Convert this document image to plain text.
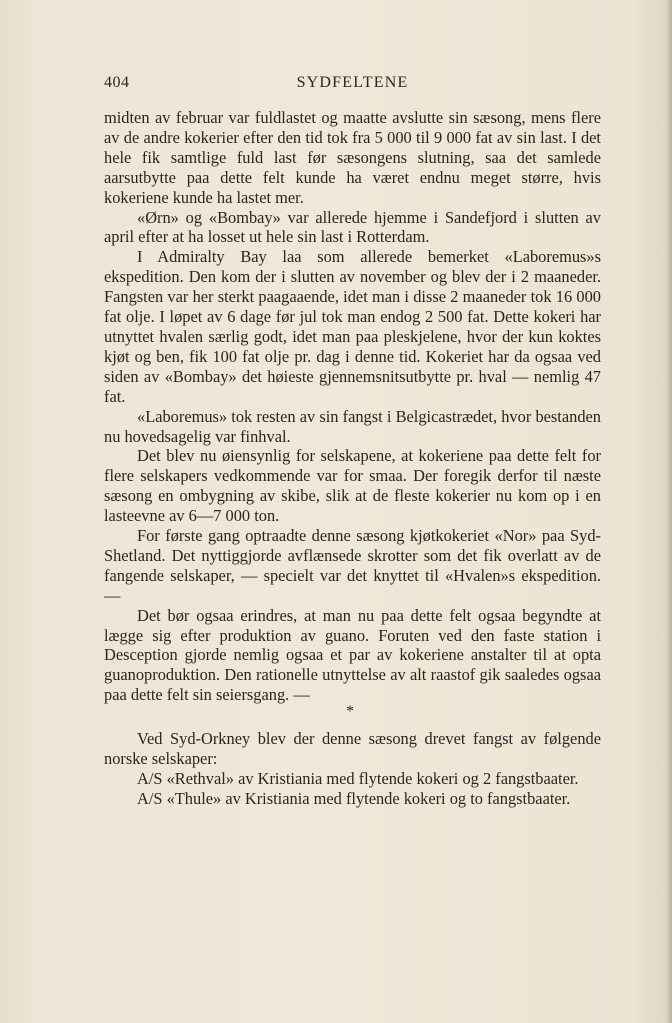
404	SYDFELTENE

midten av februar var fuldlastet og maatte avslutte sin sæsong, mens flere av de andre kokerier efter den tid tok fra 5 000 til 9 000 fat av sin last. I det hele fik samtlige fuld last før sæsongens slutning, saa det samlede aarsutbytte paa dette felt kunde ha været endnu meget større, hvis kokeriene kunde ha lastet mer.

«Ørn» og «Bombay» var allerede hjemme i Sandefjord i slutten av april efter at ha losset ut hele sin last i Rotterdam.

I Admiralty Bay laa som allerede bemerket «Laboremus»s ekspedition. Den kom der i slutten av november og blev der i 2 maaneder. Fangsten var her sterkt paagaaende, idet man i disse 2 maaneder tok 16 000 fat olje. I løpet av 6 dage før jul tok man endog 2 500 fat. Dette kokeri har utnyttet hvalen særlig godt, idet man paa pleskjelene, hvor der kun koktes kjøt og ben, fik 100 fat olje pr. dag i denne tid. Kokeriet har da ogsaa ved siden av «Bombay» det høieste gjennemsnitsutbytte pr. hval — nemlig 47 fat.

«Laboremus» tok resten av sin fangst i Belgicastrædet, hvor bestanden nu hovedsagelig var finhval.

Det blev nu øiensynlig for selskapene, at kokeriene paa dette felt for flere selskapers vedkommende var for smaa. Der foregik derfor til næste sæsong en ombygning av skibe, slik at de fleste kokerier nu kom op i en lasteevne av 6—7 000 ton.

For første gang optraadte denne sæsong kjøtkokeriet «Nor» paa Syd-Shetland. Det nyttiggjorde avflænsede skrotter som det fik overlatt av de fangende selskaper, — specielt var det knyttet til «Hvalen»s ekspedition. —

Det bør ogsaa erindres, at man nu paa dette felt ogsaa begyndte at lægge sig efter produktion av guano. Foruten ved den faste station i Desception gjorde nemlig ogsaa et par av kokeriene anstalter til at opta guanoproduktion. Den rationelle utnyttelse av alt raastof gik saaledes ogsaa paa dette felt sin seiersgang. —

*

Ved Syd-Orkney blev der denne sæsong drevet fangst av følgende norske selskaper:

A/S «Rethval» av Kristiania med flytende kokeri og 2 fangstbaater.

A/S «Thule» av Kristiania med flytende kokeri og to fangstbaater.
